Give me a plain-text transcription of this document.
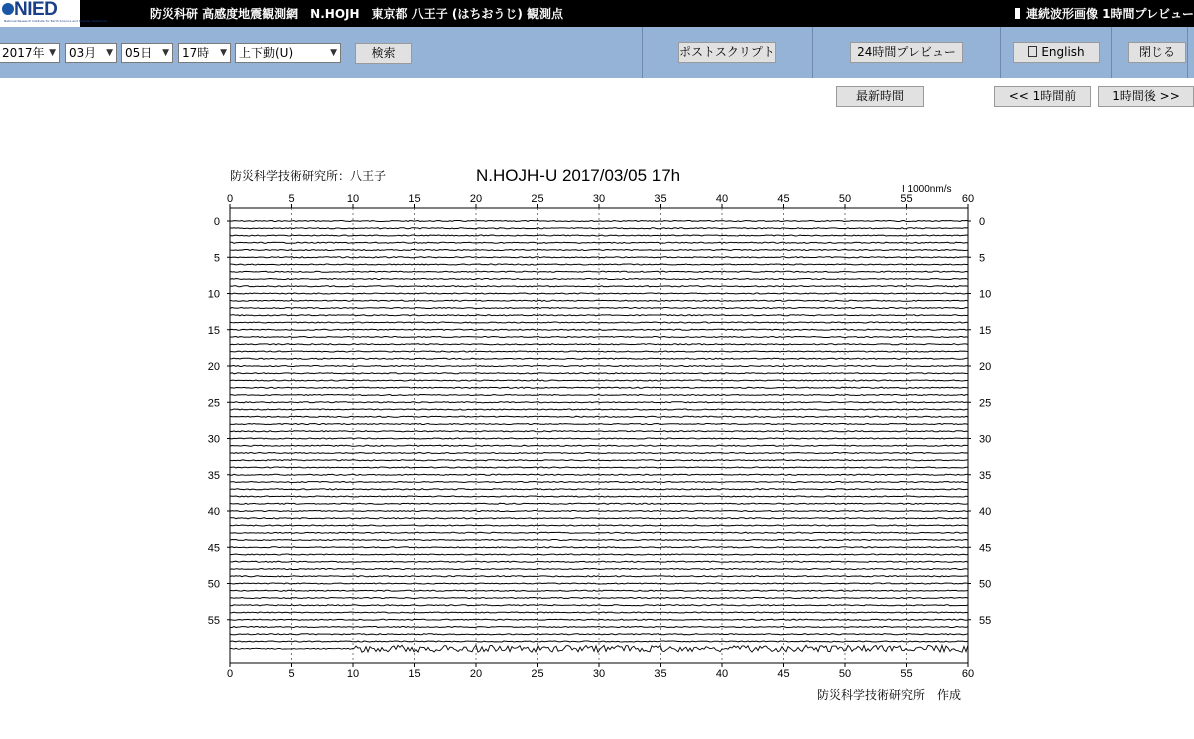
NIED
National Research Institute for Earth Science and Disaster Resilience	防災科研 高感度地震観測網　N.HOJH　東京都 八王子 (はちおうじ) 観測点	連続波形画像 1時間プレビュー
2017年 ▼	03月 ▼	05日 ▼	17時 ▼	上下動(U)	▼	検索	ポストスクリプト	24時間プレビュー	English	閉じる
最新時間	<< 1時間前	1時間後 >>
防災科学技術研究所：八王子	N.HOJH-U 2017/03/05 17h
I 1000nm/s
防災科学技術研究所　作成
0
0
5
5
10
10
15
15
20
20
25
25
30
30
35
35
40
40
45
45
50
50
55
55
60
60
0	0
5	5
10	10
15	15
20	20
25	25
30	30
35	35
40	40
45	45
50	50
55	55
